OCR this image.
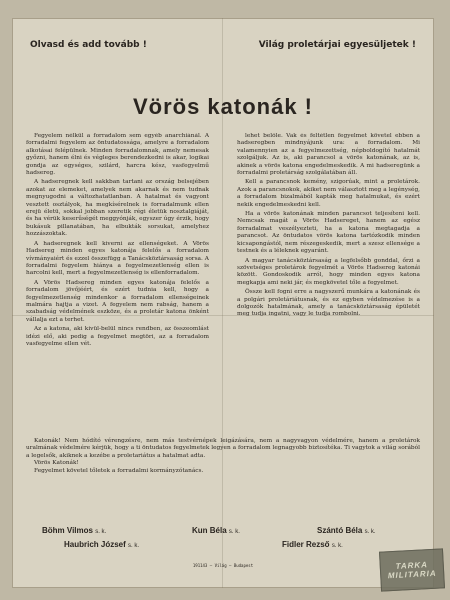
Olvasd és add tovább !	Világ proletárjai egyesüljetek !
Vörös katonák !

Fegyelem nélkül a forradalom sem egyéb anarchiánál. A forradalmi fegyelem az öntudatossága, amelyre a forradalom alkotásai felépülnek. Minden forradalomnak, amely nemesak győzni, hanem élni és végleges berendezkedni is akar, logikai gondja az egységes, szilárd, harcra kész, vasfegyelmű hadsereg.

A hadseregnek kell sakkban tartani az ország belsejében azokat az elemeket, amelyek nem akarnak és nem tudnak megnyugodni a változhatatlanban. A hatalmat és vagyont vesztett osztályok, ha megkísérelnek is forradalmunk ellen erejü életü, sokkal jobban szeretik régi életük nosztalgiáját, és ha vérük keserűségét meggyónják, egyszer úgy érzik, hogy bukásuk pillanatában, ha elbukták sorsukat, amelyhez hozzászoktak.

A hadseregnek kell kiverni az ellenségeket. A Vörös Hadsereg minden egyes katonája felelős a forradalom vívmányaiért és ezzel összefügg a Tanácsköztársaság sorsa. A forradalmi fegyelem hiánya a fegyelmezetlenség ellen is harcolni kell, mert a fegyelmezetlenség is ellenforradalom.

A Vörös Hadsereg minden egyes katonája felelős a forradalom jövőjéért, és ezért tudnia kell, hogy a fegyelmezetlenség mindenkor a forradalom ellenségeinek malmára hajtja a vizet. A fegyelem nem rabság, hanem a szabadság védelmének eszköze, és a proletár katona önként vállalja ezt a terhet.

Az a katona, aki kivül-belül nincs rendben, az összeomlást idézi elő, aki pedig a fegyelmet megtöri, az a forradalom vasfegyelme ellen vét.

lehet belőle. Vak és feltétlen fegyelmet követel ebben a hadseregben mindnyájunk ura: a forradalom. Mi valamennyien az a fegyelmezettség, népboldogító hatalmát szolgáljuk. Az is, aki parancsol a vörös katonának, az is, akinek a vörös katona engedelmeskedik. A mi hadseregünk a forradalmi proletárság szolgálatában áll.

Kell a parancsnok kemény, szigorúak, mint a proletárok. Azok a parancsnokok, akiket nem választott meg a legénység, a forradalom bizalmából kapták meg hatalmukat, és ezért nekik engedelmeskedni kell.

Ha a vörös katonának minden parancsot teljesíteni kell. Nemcsak magát a Vörös Hadsereget, hanem az egész forradalmat veszélyezteti, ha a katona megtagadja a parancsot. Az öntudatos vörös katona tartózkodik minden kicsapongástól, nem részegeskedik, mert a szesz ellensége a testnek és a léleknek egyaránt.

A magyar tanácsköztársaság a legfelsőbb gonddal, őrzi a szövetséges proletárok fegyelmét a Vörös Hadsereg katonái között. Gondoskodik arról, hogy minden egyes katona megkapja ami neki jár, és megkövetel tőle a fegyelmet.

Össze kell fogni erre a nagyszerű munkára a katonának és a polgári proletáriátusnak, és ez egyben védelmezése is a dolgozók hatalmának, amely a tanácsköztársaság épületét meg tudja ingatni, vagy le tudja rombolni.

Katonák! Nem hódító vérengzésre, nem más testvérnépek leigázására, nem a nagyvagyon védelmére, hanem a proletárok uralmának védelmére kérjük, hogy a ti öntudatos fegyelmetek legyen a forradalom legnagyobb biztosítéka. Ti vagytok a világ sorából a legelsők, akiknek a kezébe a proletariátus a hatalmat adta.

Vörös Katonák!

Fegyelmet követel tőletek a forradalmi kormányzótanács.

Böhm Vilmos s. k.	Kun Béla s. k.	Szántó Béla s. k.
Haubrich József s. k.	Fidler Rezső s. k.
191143 — Világ — Budapest	TARKA
MILITARIA
